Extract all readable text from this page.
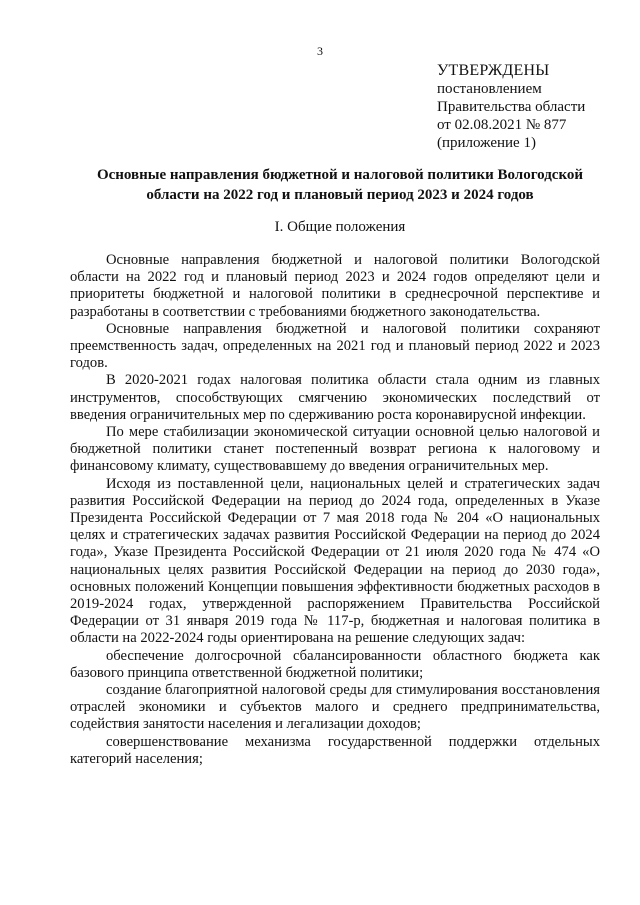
3
УТВЕРЖДЕНЫ
постановлением
Правительства области
от 02.08.2021 № 877
(приложение 1)
Основные направления бюджетной и налоговой политики Вологодской области на 2022 год и плановый период 2023 и 2024 годов
I. Общие положения

Основные направления бюджетной и налоговой политики Вологодской области на 2022 год и плановый период 2023 и 2024 годов определяют цели и приоритеты бюджетной и налоговой политики в среднесрочной перспективе и разработаны в соответствии с требованиями бюджетного законодательства.

Основные направления бюджетной и налоговой политики сохраняют преемственность задач, определенных на 2021 год и плановый период 2022 и 2023 годов.

В 2020-2021 годах налоговая политика области стала одним из главных инструментов, способствующих смягчению экономических последствий от введения ограничительных мер по сдерживанию роста коронавирусной инфекции.

По мере стабилизации экономической ситуации основной целью налоговой и бюджетной политики станет постепенный возврат региона к налоговому и финансовому климату, существовавшему до введения ограничительных мер.

Исходя из поставленной цели, национальных целей и стратегических задач развития Российской Федерации на период до 2024 года, определенных в Указе Президента Российской Федерации от 7 мая 2018 года № 204 «О национальных целях и стратегических задачах развития Российской Федерации на период до 2024 года», Указе Президента Российской Федерации от 21 июля 2020 года № 474 «О национальных целях развития Российской Федерации на период до 2030 года», основных положений Концепции повышения эффективности бюджетных расходов в 2019-2024 годах, утвержденной распоряжением Правительства Российской Федерации от 31 января 2019 года № 117-р, бюджетная и налоговая политика в области на 2022-2024 годы ориентирована на решение следующих задач:

обеспечение долгосрочной сбалансированности областного бюджета как базового принципа ответственной бюджетной политики;

создание благоприятной налоговой среды для стимулирования восстановления отраслей экономики и субъектов малого и среднего предпринимательства, содействия занятости населения и легализации доходов;

совершенствование механизма государственной поддержки отдельных категорий населения;
